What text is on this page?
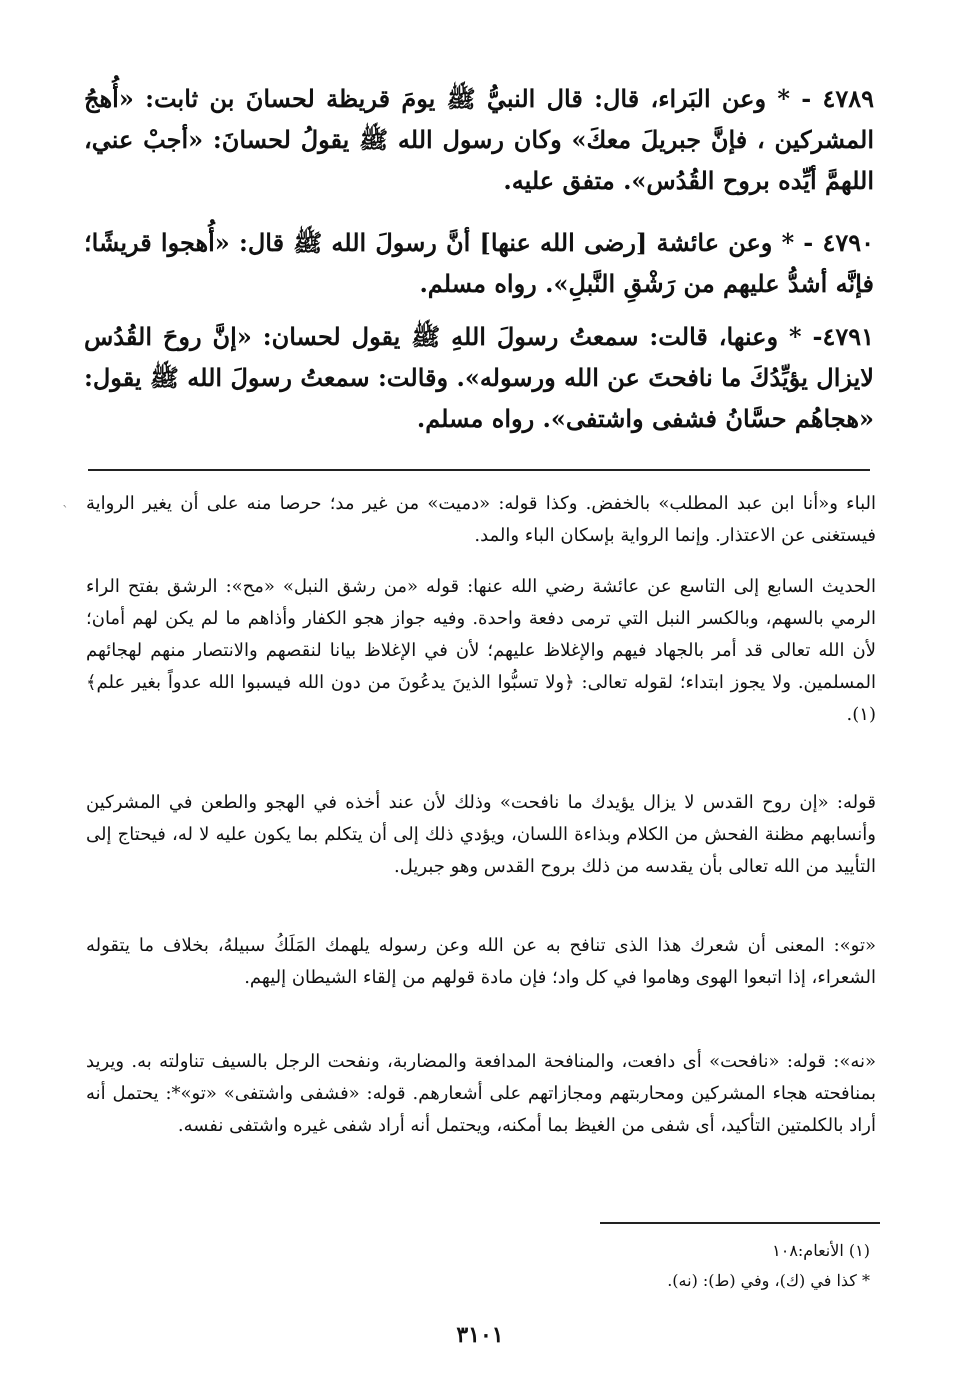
٤٧٨٩ - * وعن البَراء، قال: قال النبيُّ ﷺ يومَ قريظة لحسانَ بن ثابت: «أُهجُ المشركين ، فإنَّ جبريلَ معكَ» وكان رسول الله ﷺ يقولُ لحسانَ: «أجبْ عني، اللهمَّ أيِّده بروح القُدُس». متفق عليه.
٤٧٩٠ - * وعن عائشة [رضى الله عنها] أنَّ رسولَ الله ﷺ قال: «أُهجوا قريشًا؛ فإنَّه أشدُّ عليهم من رَشْقِ النَّبلِ». رواه مسلم.
٤٧٩١- * وعنها، قالت: سمعتُ رسولَ اللهِ ﷺ يقول لحسان: «إنَّ روحَ القُدُس لايزال يؤيِّدُكَ ما نافحتَ عن الله ورسوله». وقالت: سمعتُ رسولَ الله ﷺ يقول: «هجاهُم حسَّانُ فشفى واشتفى». رواه مسلم.
` الباء و«أنا ابن عبد المطلب» بالخفض. وكذا قوله: «دميت» من غير مد؛ حرصا منه على أن يغير الرواية فيستغنى عن الاعتذار. وإنما الرواية بإسكان الباء والمد.

الحديث السابع إلى التاسع عن عائشة رضي الله عنها: قوله «من رشق النبل» «مح»: الرشق بفتح الراء الرمي بالسهم، وبالكسر النبل التي ترمى دفعة واحدة. وفيه جواز هجو الكفار وأذاهم ما لم يكن لهم أمان؛ لأن الله تعالى قد أمر بالجهاد فيهم والإغلاظ عليهم؛ لأن في الإغلاظ بيانا لنقصهم والانتصار منهم لهجائهم المسلمين. ولا يجوز ابتداء؛ لقوله تعالى: ﴿ولا تسبُّوا الذينَ يدعُونَ من دون الله فيسبوا الله عدواً بغير علم﴾(١).

قوله: «إن روح القدس لا يزال يؤيدك ما نافحت» وذلك لأن عند أخذه في الهجو والطعن في المشركين وأنسابهم مظنة الفحش من الكلام وبذاءة اللسان، ويؤدي ذلك إلى أن يتكلم بما يكون عليه لا له، فيحتاج إلى التأييد من الله تعالى بأن يقدسه من ذلك بروح القدس وهو جبريل.

«تو»: المعنى أن شعرك هذا الذى تنافح به عن الله وعن رسوله يلهمك المَلَكُ سبيلهُ، بخلاف ما يتقوله الشعراء، إذا اتبعوا الهوى وهاموا في كل واد؛ فإن مادة قولهم من إلقاء الشيطان إليهم.

«نه»: قوله: «نافحت» أى دافعت، والمنافحة المدافعة والمضاربة، ونفحت الرجل بالسيف تناولته به. ويريد بمنافحته هجاء المشركين ومحاربتهم ومجازاتهم على أشعارهم. قوله: «فشفى واشتفى» «تو»*: يحتمل أنه أراد بالكلمتين التأكيد، أى شفى من الغيظ بما أمكنه، ويحتمل أنه أراد شفى غيره واشتفى نفسه.

(١) الأنعام:١٠٨
* كذا في (ك)، وفي (ط): (نه).
٣١٠١
